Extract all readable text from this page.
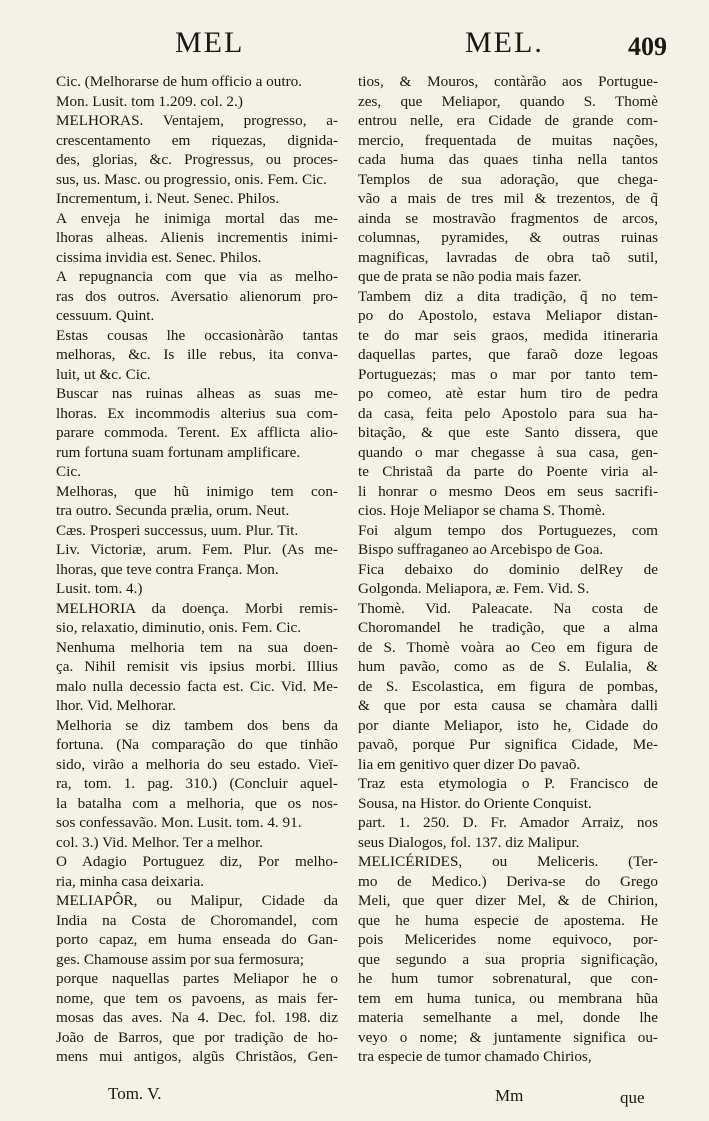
MEL	MEL.	409
Cic. (Melhorarse de hum officio a outro.
Mon. Lusit. tom 1.209. col. 2.)
MELHORAS. Ventajem, progresso, a-
crescentamento em riquezas, dignida-
des, glorias, &c. Progressus, ou proces-
sus, us. Masc. ou progressio, onis. Fem. Cic.
Incrementum, i. Neut. Senec. Philos.
A enveja he inimiga mortal das me-
lhoras alheas. Alienis incrementis inimi-
cissima invidia est. Senec. Philos.
A repugnancia com que via as melho-
ras dos outros. Aversatio alienorum pro-
cessuum. Quint.
Estas cousas lhe occasionàrão tantas
melhoras, &c. Is ille rebus, ita conva-
luit, ut &c. Cic.
Buscar nas ruinas alheas as suas me-
lhoras. Ex incommodis alterius sua com-
parare commoda. Terent. Ex afflicta alio-
rum fortuna suam fortunam amplificare.
Cic.
Melhoras, que hũ inimigo tem con-
tra outro. Secunda prælia, orum. Neut.
Cæs. Prosperi successus, uum. Plur. Tit.
Liv. Victoriæ, arum. Fem. Plur. (As me-
lhoras, que teve contra França. Mon.
Lusit. tom. 4.)
MELHORIA da doença. Morbi remis-
sio, relaxatio, diminutio, onis. Fem. Cic.
Nenhuma melhoria tem na sua doen-
ça. Nihil remisit vis ipsius morbi. Illius
malo nulla decessio facta est. Cic. Vid. Me-
lhor. Vid. Melhorar.
Melhoria se diz tambem dos bens da
fortuna. (Na comparação do que tinhão
sido, virão a melhoria do seu estado. Vieï-
ra, tom. 1. pag. 310.) (Concluir aquel-
la batalha com a melhoria, que os nos-
sos confessavão. Mon. Lusit. tom. 4. 91.
col. 3.) Vid. Melhor. Ter a melhor.
O Adagio Portuguez diz, Por melho-
ria, minha casa deixaria.
MELIAPÔR, ou Malipur, Cidade da
India na Costa de Choromandel, com
porto capaz, em huma enseada do Gan-
ges. Chamouse assim por sua fermosura;
porque naquellas partes Meliapor he o
nome, que tem os pavoens, as mais fer-
mosas das aves. Na 4. Dec. fol. 198. diz
João de Barros, que por tradição de ho-
mens mui antigos, algũs Christãos, Gen-
tios, & Mouros, contàrão aos Portugue-
zes, que Meliapor, quando S. Thomè
entrou nelle, era Cidade de grande com-
mercio, frequentada de muitas nações,
cada huma das quaes tinha nella tantos
Templos de sua adoração, que chega-
vão a mais de tres mil & trezentos, de q̃
ainda se mostravão fragmentos de arcos,
columnas, pyramides, & outras ruinas
magnificas, lavradas de obra taõ sutil,
que de prata se não podia mais fazer.
Tambem diz a dita tradição, q̃ no tem-
po do Apostolo, estava Meliapor distan-
te do mar seis graos, medida itineraria
daquellas partes, que faraõ doze legoas
Portuguezas; mas o mar por tanto tem-
po comeo, atè estar hum tiro de pedra
da casa, feita pelo Apostolo para sua ha-
bitação, & que este Santo dissera, que
quando o mar chegasse à sua casa, gen-
te Christaã da parte do Poente viria al-
li honrar o mesmo Deos em seus sacrifi-
cios. Hoje Meliapor se chama S. Thomè.
Foi algum tempo dos Portuguezes, com
Bispo suffraganeo ao Arcebispo de Goa.
Fica debaixo do dominio delRey de
Golgonda. Meliapora, æ. Fem. Vid. S.
Thomè. Vid. Paleacate. Na costa de
Choromandel he tradição, que a alma
de S. Thomè voàra ao Ceo em figura de
hum pavão, como as de S. Eulalia, &
de S. Escolastica, em figura de pombas,
& que por esta causa se chamàra dalli
por diante Meliapor, isto he, Cidade do
pavaõ, porque Pur significa Cidade, Me-
lia em genitivo quer dizer Do pavaõ.
Traz esta etymologia o P. Francisco de
Sousa, na Histor. do Oriente Conquist.
part. 1. 250. D. Fr. Amador Arraiz, nos
seus Dialogos, fol. 137. diz Malipur.
MELICÉRIDES, ou Meliceris. (Ter-
mo de Medico.) Deriva-se do Grego
Meli, que quer dizer Mel, & de Chirion,
que he huma especie de apostema. He
pois Melicerides nome equivoco, por-
que segundo a sua propria significação,
he hum tumor sobrenatural, que con-
tem em huma tunica, ou membrana hũa
materia semelhante a mel, donde lhe
veyo o nome; & juntamente significa ou-
tra especie de tumor chamado Chirios,
Tom. V.	Mm	que
